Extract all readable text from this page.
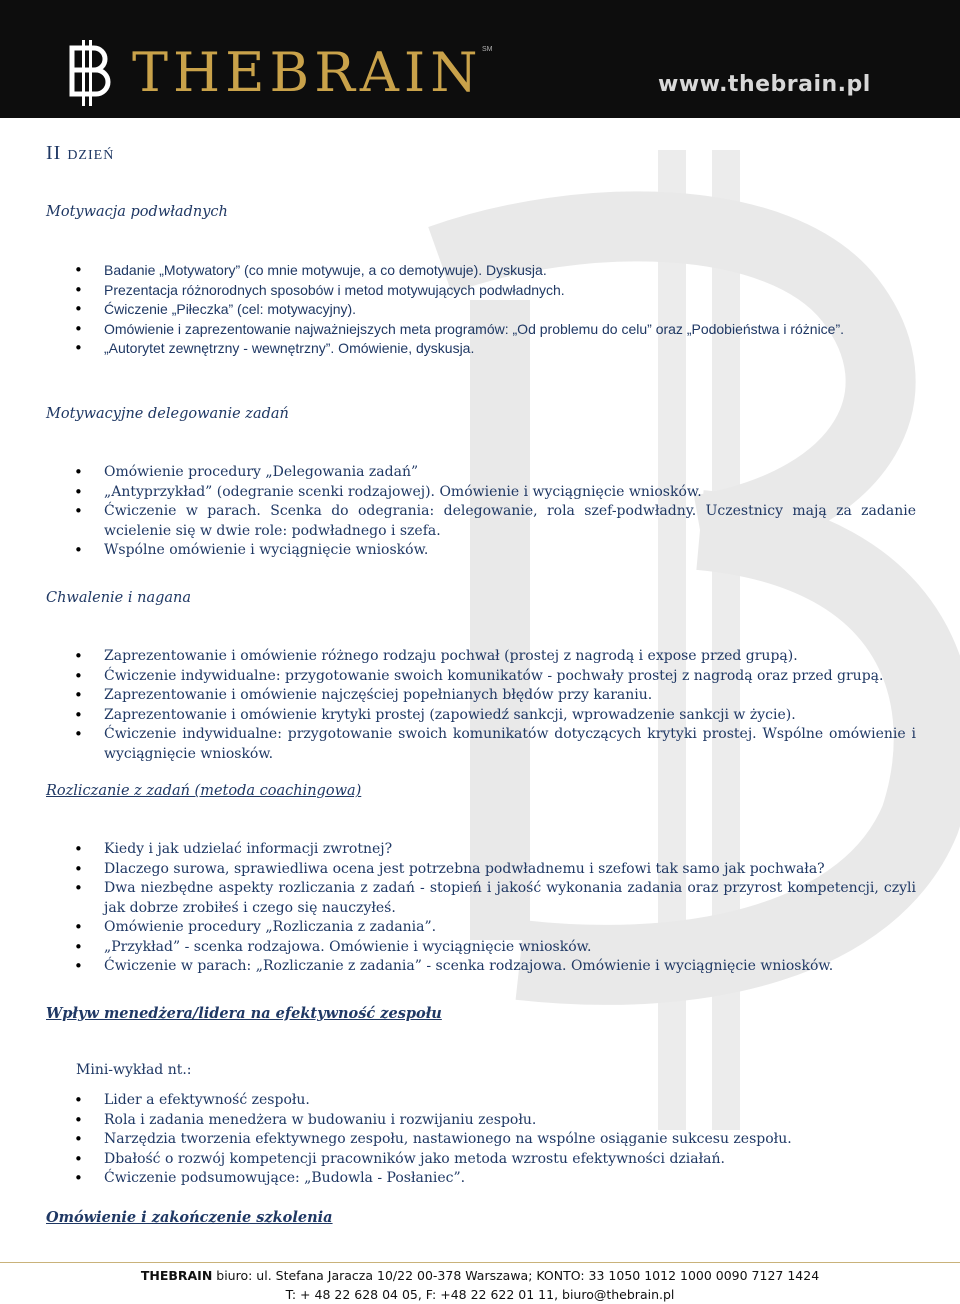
THEBRAIN SM
www.thebrain.pl
II dzień
Motywacja podwładnych
• Badanie „Motywatory” (co mnie motywuje, a co demotywuje). Dyskusja.
• Prezentacja różnorodnych sposobów i metod motywujących podwładnych.
• Ćwiczenie „Piłeczka” (cel: motywacyjny).
• Omówienie i zaprezentowanie najważniejszych meta programów: „Od problemu do celu” oraz „Podobieństwa i różnice”.
• „Autorytet zewnętrzny - wewnętrzny”. Omówienie, dyskusja.
Motywacyjne delegowanie zadań
• Omówienie procedury „Delegowania zadań”
• „Antyprzykład” (odegranie scenki rodzajowej). Omówienie i wyciągnięcie wniosków.
• Ćwiczenie w parach. Scenka do odegrania: delegowanie, rola szef-podwładny. Uczestnicy mają za zadanie wcielenie się w dwie role: podwładnego i szefa.
• Wspólne omówienie i wyciągnięcie wniosków.
Chwalenie i nagana
• Zaprezentowanie i omówienie różnego rodzaju pochwał (prostej z nagrodą i expose przed grupą).
• Ćwiczenie indywidualne: przygotowanie swoich komunikatów - pochwały prostej z nagrodą oraz przed grupą.
• Zaprezentowanie i omówienie najczęściej popełnianych błędów przy karaniu.
• Zaprezentowanie i omówienie krytyki prostej (zapowiedź sankcji, wprowadzenie sankcji w życie).
• Ćwiczenie indywidualne: przygotowanie swoich komunikatów dotyczących krytyki prostej. Wspólne omówienie i wyciągnięcie wniosków.
Rozliczanie z zadań (metoda coachingowa)
• Kiedy i jak udzielać informacji zwrotnej?
• Dlaczego surowa, sprawiedliwa ocena jest potrzebna podwładnemu i szefowi tak samo jak pochwała?
• Dwa niezbędne aspekty rozliczania z zadań - stopień i jakość wykonania zadania oraz przyrost kompetencji, czyli jak dobrze zrobiłeś i czego się nauczyłeś.
• Omówienie procedury „Rozliczania z zadania”.
• „Przykład” - scenka rodzajowa. Omówienie i wyciągnięcie wniosków.
• Ćwiczenie w parach: „Rozliczanie z zadania” - scenka rodzajowa. Omówienie i wyciągnięcie wniosków.
Wpływ menedżera/lidera na efektywność zespołu
Mini-wykład nt.:
• Lider a efektywność zespołu.
• Rola i zadania menedżera w budowaniu i rozwijaniu zespołu.
• Narzędzia tworzenia efektywnego zespołu, nastawionego na wspólne osiąganie sukcesu zespołu.
• Dbałość o rozwój kompetencji pracowników jako metoda wzrostu efektywności działań.
• Ćwiczenie podsumowujące: „Budowla - Posłaniec”.
Omówienie i zakończenie szkolenia
THEBRAIN biuro: ul. Stefana Jaracza 10/22 00-378 Warszawa; KONTO: 33 1050 1012 1000 0090 7127 1424
T: + 48 22 628 04 05, F: +48 22 622 01 11, biuro@thebrain.pl
